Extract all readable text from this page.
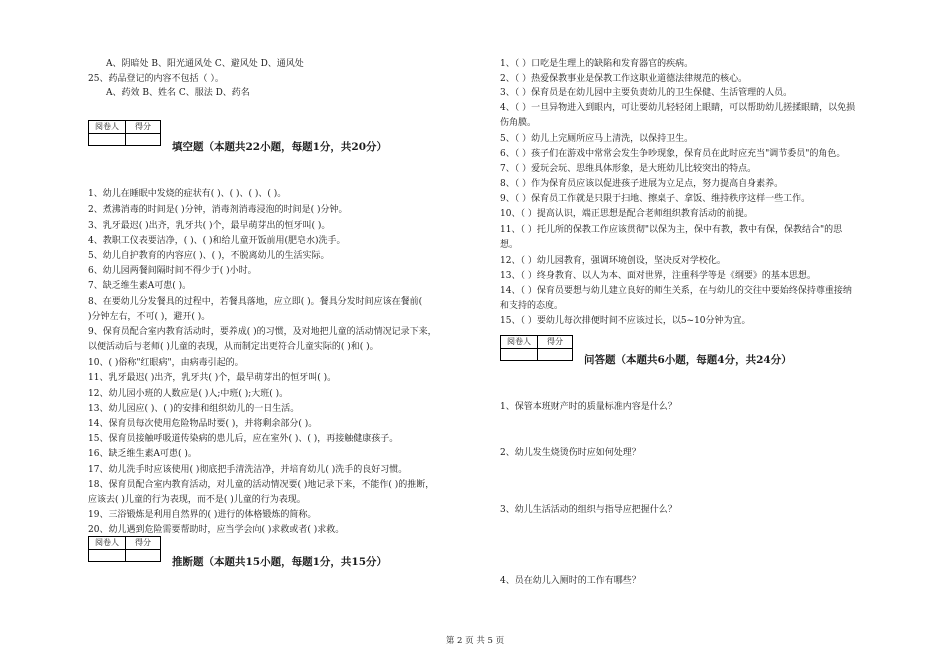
A、阴暗处 B、阳光通风处 C、避风处 D、通风处
25、药品登记的内容不包括（ ）。
A、药效 B、姓名 C、服法 D、药名
阅卷人	得分
填空题（本题共22小题，每题1分，共20分）
1、幼儿在睡眠中发烧的症状有( )、( )、( )、( )。
2、煮沸消毒的时间是( )分钟，消毒剂消毒浸泡的时间是( )分钟。
3、乳牙最迟( )出齐，乳牙共( )个，最早萌芽出的恒牙叫( )。
4、教职工仪表要洁净，( )、( )和给儿童开饭前用(肥皂水)洗手。
5、幼儿自护教育的内容应( )、( )，不脱离幼儿的生活实际。
6、幼儿园两餐间隔时间不得少于( )小时。
7、缺乏维生素A可患( )。
8、在要幼儿分发餐具的过程中，若餐具落地，应立即( )。餐具分发时间应该在餐前(
)分钟左右，不可( )，避开( )。
9、保育员配合室内教育活动时，要养成( )的习惯，及对地把儿童的活动情况记录下来，
以便活动后与老师( )儿童的表现，从而制定出更符合儿童实际的( )和( )。
10、( )俗称"红眼病"，由病毒引起的。
11、乳牙最迟( )出齐，乳牙共( )个，最早萌芽出的恒牙叫( )。
12、幼儿园小班的人数应是( )人;中班( );大班( )。
13、幼儿园应( )、( )的安排和组织幼儿的一日生活。
14、保育员每次使用危险物品时要( )，并将剩余部分( )。
15、保育员接触呼吸道传染病的患儿后，应在室外( )、( )，再接触健康孩子。
16、缺乏维生素A可患( )。
17、幼儿洗手时应该使用( )彻底把手清洗洁净，并培育幼儿( )洗手的良好习惯。
18、保育员配合室内教育活动，对儿童的活动情况要( )地记录下来，不能作( )的推断，
应该去( )儿童的行为表现，而不是( )儿童的行为表现。
19、三浴锻炼是利用自然界的( )进行的体格锻炼的简称。
20、幼儿遇到危险需要帮助时，应当学会向( )求救或者( )求救。
阅卷人	得分
推断题（本题共15小题，每题1分，共15分）
1、（ ）口吃是生理上的缺陷和发育器官的疾病。
2、（ ）热爱保教事业是保教工作这职业道德法律规范的核心。
3、（ ）保育员是在幼儿园中主要负责幼儿的卫生保健、生活管理的人员。
4、（ ）一旦异物进入到眼内，可让要幼儿轻轻闭上眼睛，可以帮助幼儿搓揉眼睛，以免损
伤角膜。
5、（ ）幼儿上完厕所应马上清洗，以保持卫生。
6、（ ）孩子们在游戏中常常会发生争吵现象，保育员在此时应充当"调节委员"的角色。
7、（ ）爱玩会玩、思维具体形象，是大班幼儿比较突出的特点。
8、（ ）作为保育员应该以促进孩子进展为立足点，努力提高自身素养。
9、（ ）保育员工作就是只限于扫地、擦桌子、拿饭、维持秩序这样一些工作。
10、（ ）提高认识，端正思想是配合老师组织教育活动的前提。
11、（ ）托儿所的保教工作应该贯彻"以保为主，保中有教，教中有保，保教结合"的思
想。
12、（ ）幼儿园教育，强调环境创设，坚决反对学校化。
13、（ ）终身教育、以人为本、面对世界，注重科学等是《纲要》的基本思想。
14、（ ）保育员要想与幼儿建立良好的师生关系，在与幼儿的交往中要始终保持尊重接纳
和支持的态度。
15、（ ）要幼儿每次排便时间不应该过长，以5~10分钟为宜。
阅卷人	得分
问答题（本题共6小题，每题4分，共24分）
1、保管本班财产时的质量标准内容是什么？
2、幼儿发生烧烫伤时应如何处理？
3、幼儿生活活动的组织与指导应把握什么？
4、员在幼儿入厕时的工作有哪些？
第 2 页 共 5 页
